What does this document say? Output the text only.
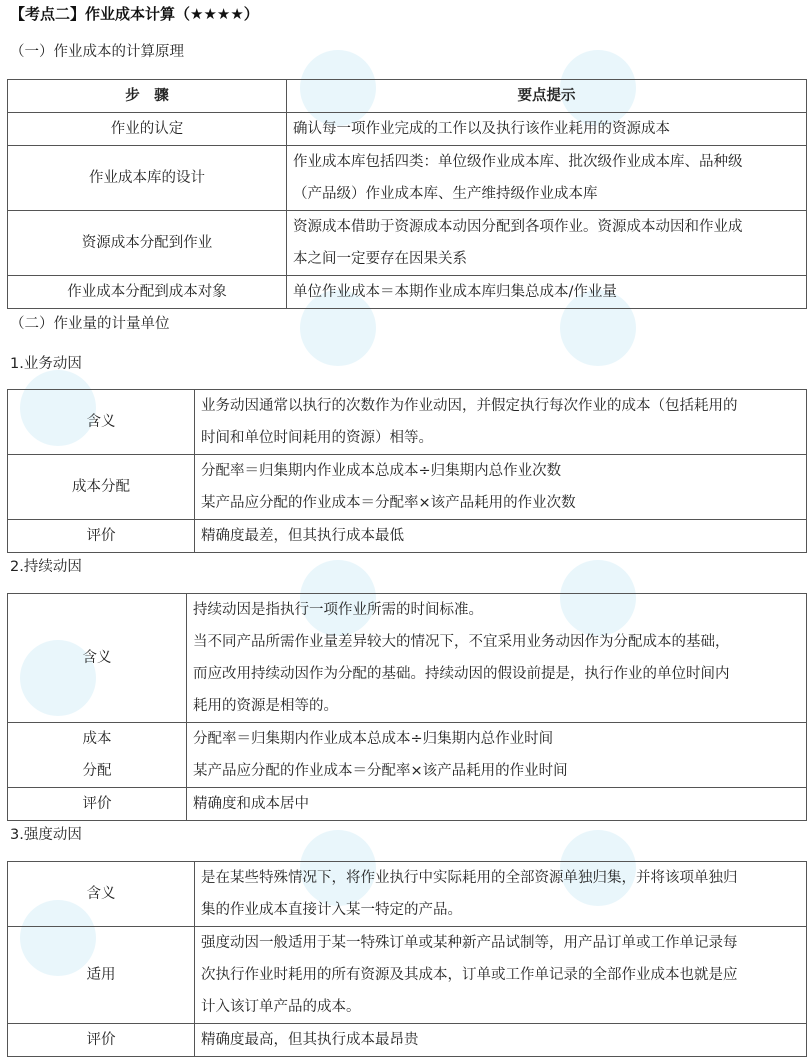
【考点二】作业成本计算（★★★★）
（一）作业成本的计算原理
步　骤	要点提示
作业的认定	确认每一项作业完成的工作以及执行该作业耗用的资源成本

作业成本库的设计	作业成本库包括四类：单位级作业成本库、批次级作业成本库、品种级
（产品级）作业成本库、生产维持级作业成本库

资源成本分配到作业	资源成本借助于资源成本动因分配到各项作业。资源成本动因和作业成
本之间一定要存在因果关系

作业成本分配到成本对象	单位作业成本＝本期作业成本库归集总成本/作业量
（二）作业量的计量单位
1.业务动因
含义	业务动因通常以执行的次数作为作业动因，并假定执行每次作业的成本（包括耗用的
时间和单位时间耗用的资源）相等。

成本分配	分配率＝归集期内作业成本总成本÷归集期内总作业次数
某产品应分配的作业成本＝分配率×该产品耗用的作业次数

评价	精确度最差，但其执行成本最低
2.持续动因
含义	持续动因是指执行一项作业所需的时间标准。
当不同产品所需作业量差异较大的情况下，不宜采用业务动因作为分配成本的基础，
而应改用持续动因作为分配的基础。持续动因的假设前提是，执行作业的单位时间内
耗用的资源是相等的。

成本
分配	分配率＝归集期内作业成本总成本÷归集期内总作业时间
某产品应分配的作业成本＝分配率×该产品耗用的作业时间

评价	精确度和成本居中
3.强度动因
含义	是在某些特殊情况下，将作业执行中实际耗用的全部资源单独归集，并将该项单独归
集的作业成本直接计入某一特定的产品。

适用	强度动因一般适用于某一特殊订单或某种新产品试制等，用产品订单或工作单记录每
次执行作业时耗用的所有资源及其成本，订单或工作单记录的全部作业成本也就是应
计入该订单产品的成本。

评价	精确度最高，但其执行成本最昂贵
